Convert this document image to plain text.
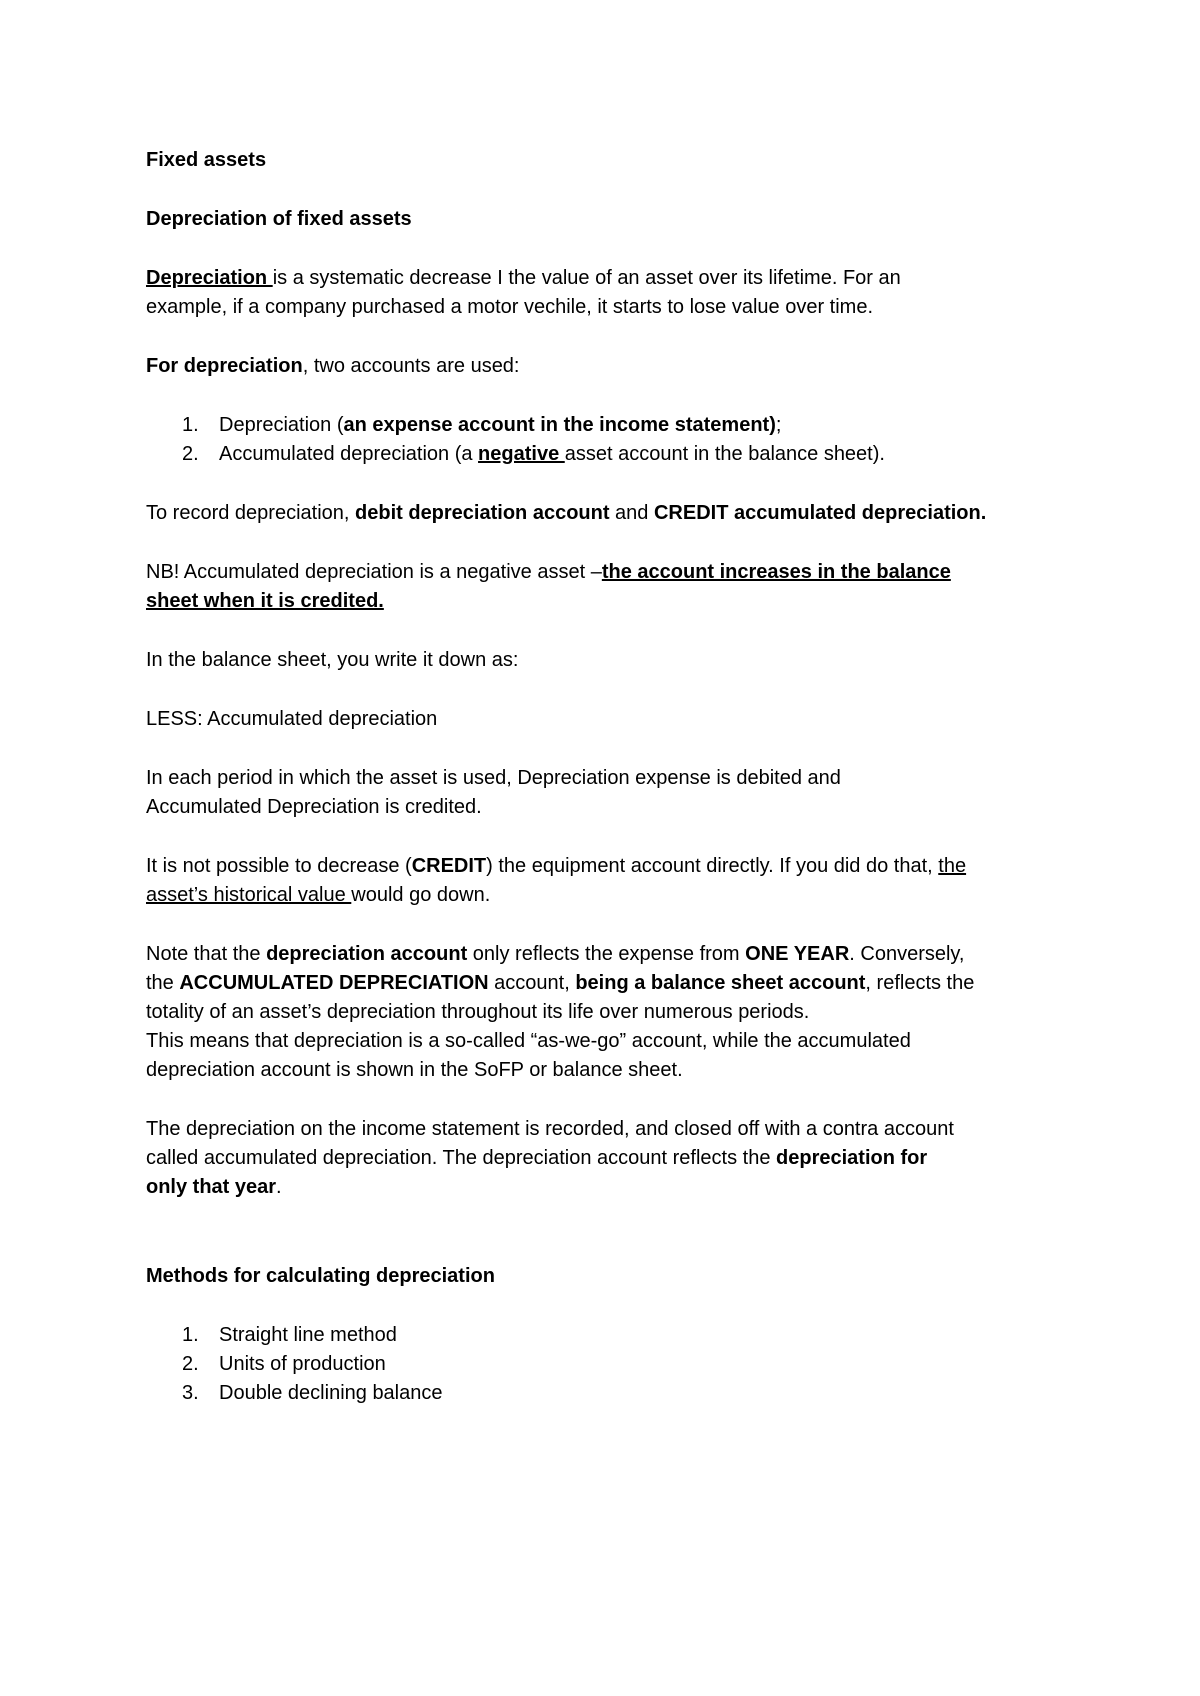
Fixed assets

Depreciation of fixed assets

Depreciation is a systematic decrease I the value of an asset over its lifetime. For an

example, if a company purchased a motor vechile, it starts to lose value over time.

For depreciation, two accounts are used:

1. Depreciation (an expense account in the income statement);
2. Accumulated depreciation (a negative asset account in the balance sheet).

To record depreciation, debit depreciation account and CREDIT accumulated depreciation.

NB! Accumulated depreciation is a negative asset –the account increases in the balance

sheet when it is credited.

In the balance sheet, you write it down as:

LESS: Accumulated depreciation

In each period in which the asset is used, Depreciation expense is debited and

Accumulated Depreciation is credited.

It is not possible to decrease (CREDIT) the equipment account directly. If you did do that, the

asset’s historical value would go down.

Note that the depreciation account only reflects the expense from ONE YEAR. Conversely,

the ACCUMULATED DEPRECIATION account, being a balance sheet account, reflects the

totality of an asset’s depreciation throughout its life over numerous periods.

This means that depreciation is a so-called “as-we-go” account, while the accumulated

depreciation account is shown in the SoFP or balance sheet.

The depreciation on the income statement is recorded, and closed off with a contra account

called accumulated depreciation. The depreciation account reflects the depreciation for

only that year.

Methods for calculating depreciation

1. Straight line method
2. Units of production
3. Double declining balance
